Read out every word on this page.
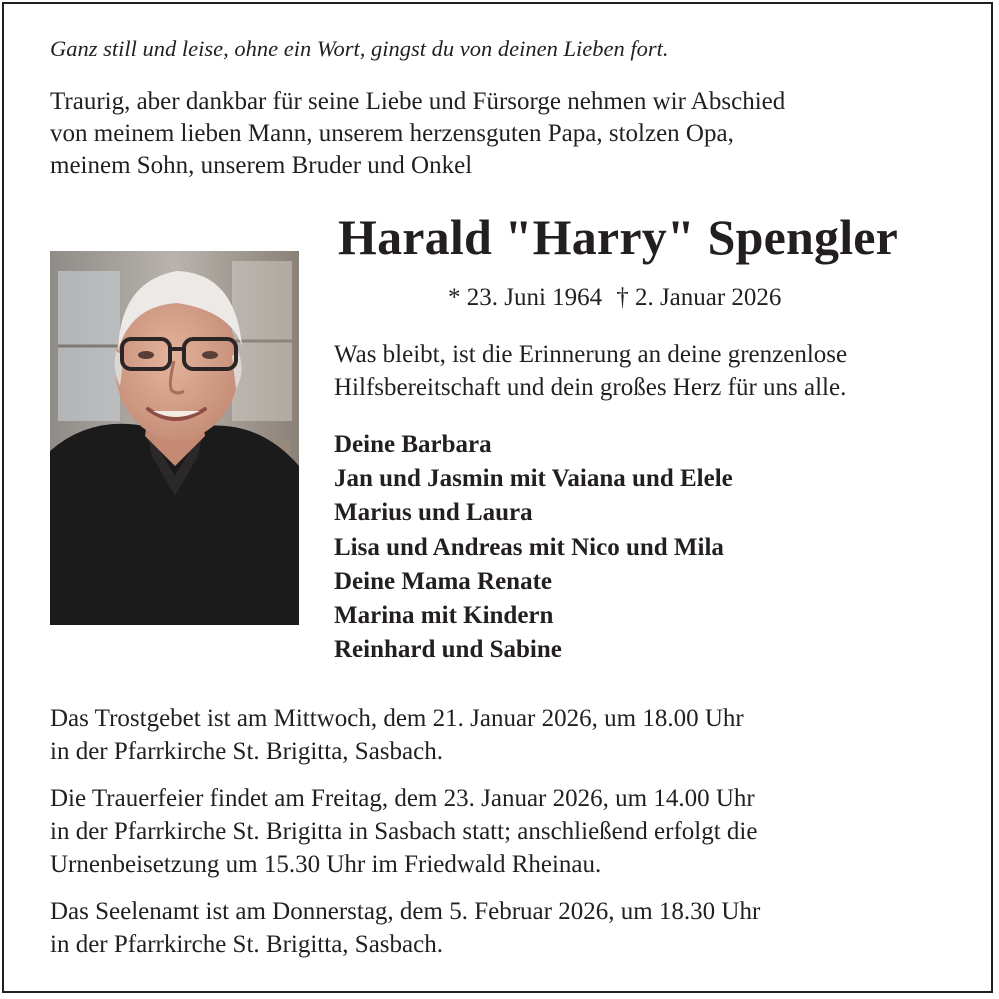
Ganz still und leise, ohne ein Wort, gingst du von deinen Lieben fort.
Traurig, aber dankbar für seine Liebe und Fürsorge nehmen wir Abschied
von meinem lieben Mann, unserem herzensguten Papa, stolzen Opa,
meinem Sohn, unserem Bruder und Onkel
Harald "Harry" Spengler
* 23. Juni 1964 † 2. Januar 2026
Was bleibt, ist die Erinnerung an deine grenzenlose
Hilfsbereitschaft und dein großes Herz für uns alle.
Deine Barbara
Jan und Jasmin mit Vaiana und Elele
Marius und Laura
Lisa und Andreas mit Nico und Mila
Deine Mama Renate
Marina mit Kindern
Reinhard und Sabine
Das Trostgebet ist am Mittwoch, dem 21. Januar 2026, um 18.00 Uhr
in der Pfarrkirche St. Brigitta, Sasbach.
Die Trauerfeier findet am Freitag, dem 23. Januar 2026, um 14.00 Uhr
in der Pfarrkirche St. Brigitta in Sasbach statt; anschließend erfolgt die
Urnenbeisetzung um 15.30 Uhr im Friedwald Rheinau.
Das Seelenamt ist am Donnerstag, dem 5. Februar 2026, um 18.30 Uhr
in der Pfarrkirche St. Brigitta, Sasbach.
